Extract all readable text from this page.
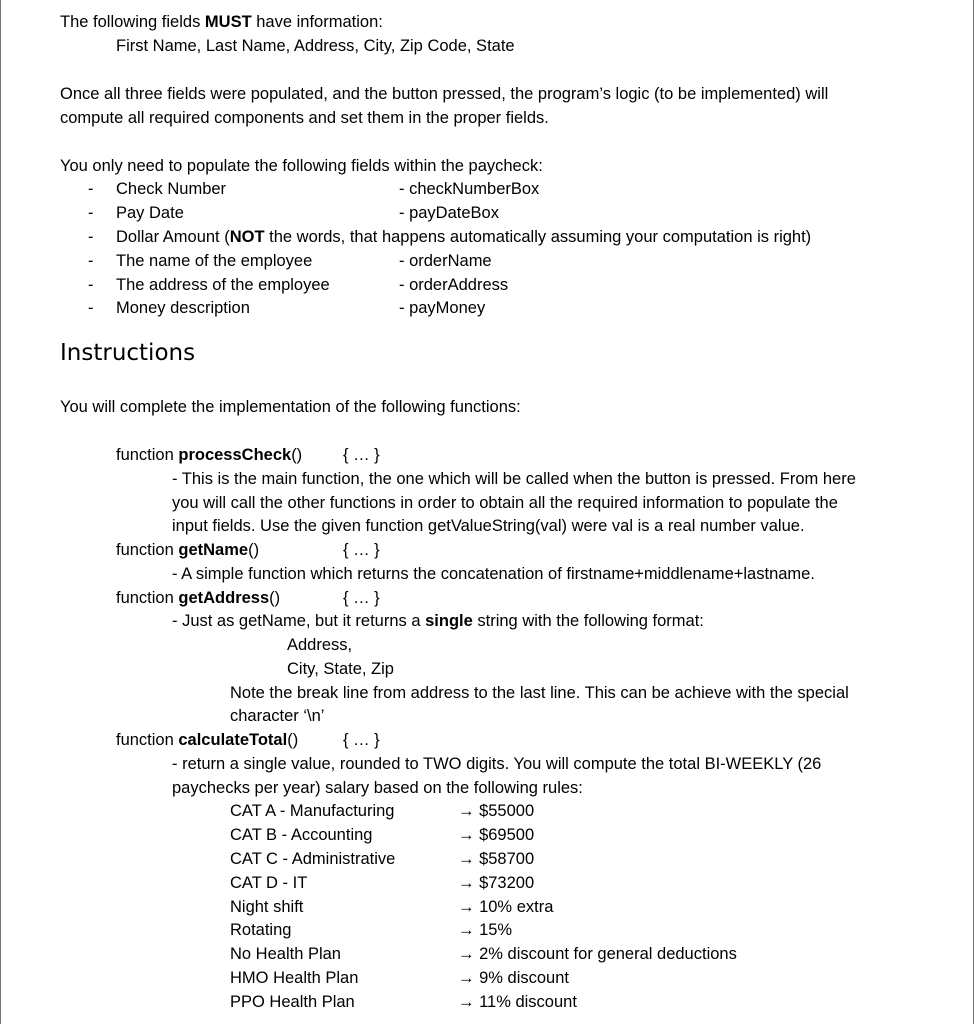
The following fields MUST have information:
First Name, Last Name, Address, City, Zip Code, State
Once all three fields were populated, and the button pressed, the program’s logic (to be implemented) will
compute all required components and set them in the proper fields.
You only need to populate the following fields within the paycheck:
- Check Number	- checkNumberBox
- Pay Date	- payDateBox
- Dollar Amount (NOT the words, that happens automatically assuming your computation is right)
- The name of the employee	- orderName
- The address of the employee	- orderAddress
- Money description	- payMoney
Instructions
You will complete the implementation of the following functions:
function processCheck() { … }
- This is the main function, the one which will be called when the button is pressed. From here
you will call the other functions in order to obtain all the required information to populate the
input fields. Use the given function getValueString(val) were val is a real number value.
function getName()	{ … }
- A simple function which returns the concatenation of firstname+middlename+lastname.
function getAddress()	{ … }
- Just as getName, but it returns a single string with the following format:
Address,
City, State, Zip
Note the break line from address to the last line. This can be achieve with the special
character ‘\n’
function calculateTotal()	{ … }
- return a single value, rounded to TWO digits. You will compute the total BI-WEEKLY (26
paychecks per year) salary based on the following rules:
CAT A - Manufacturing	→ $55000
CAT B - Accounting	→ $69500
CAT C - Administrative	→ $58700
CAT D - IT	→ $73200
Night shift	→ 10% extra
Rotating	→ 15%
No Health Plan	→ 2% discount for general deductions
HMO Health Plan	→ 9% discount
PPO Health Plan	→ 11% discount
